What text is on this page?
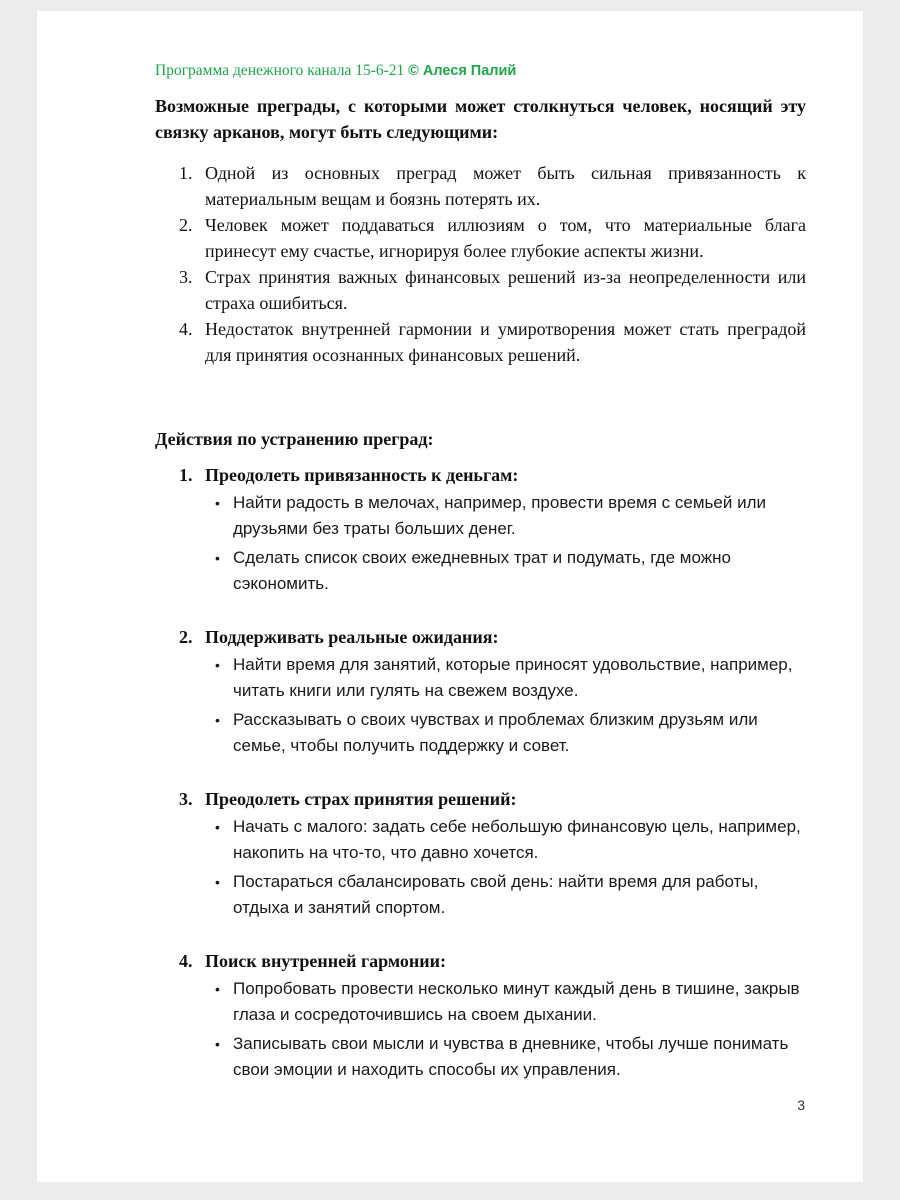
Программа денежного канала 15-6-21 © Алеся Палий
Возможные преграды, с которыми может столкнуться человек, носящий эту связку арканов, могут быть следующими:
1. Одной из основных преград может быть сильная привязанность к материальным вещам и боязнь потерять их.
2. Человек может поддаваться иллюзиям о том, что материальные блага принесут ему счастье, игнорируя более глубокие аспекты жизни.
3. Страх принятия важных финансовых решений из-за неопределенности или страха ошибиться.
4. Недостаток внутренней гармонии и умиротворения может стать преградой для принятия осознанных финансовых решений.
Действия по устранению преград:
1. Преодолеть привязанность к деньгам:
• Найти радость в мелочах, например, провести время с семьей или друзьями без траты больших денег.
• Сделать список своих ежедневных трат и подумать, где можно сэкономить.
2. Поддерживать реальные ожидания:
• Найти время для занятий, которые приносят удовольствие, например, читать книги или гулять на свежем воздухе.
• Рассказывать о своих чувствах и проблемах близким друзьям или семье, чтобы получить поддержку и совет.
3. Преодолеть страх принятия решений:
• Начать с малого: задать себе небольшую финансовую цель, например, накопить на что-то, что давно хочется.
• Постараться сбалансировать свой день: найти время для работы, отдыха и занятий спортом.
4. Поиск внутренней гармонии:
• Попробовать провести несколько минут каждый день в тишине, закрыв глаза и сосредоточившись на своем дыхании.
• Записывать свои мысли и чувства в дневнике, чтобы лучше понимать свои эмоции и находить способы их управления.
3
